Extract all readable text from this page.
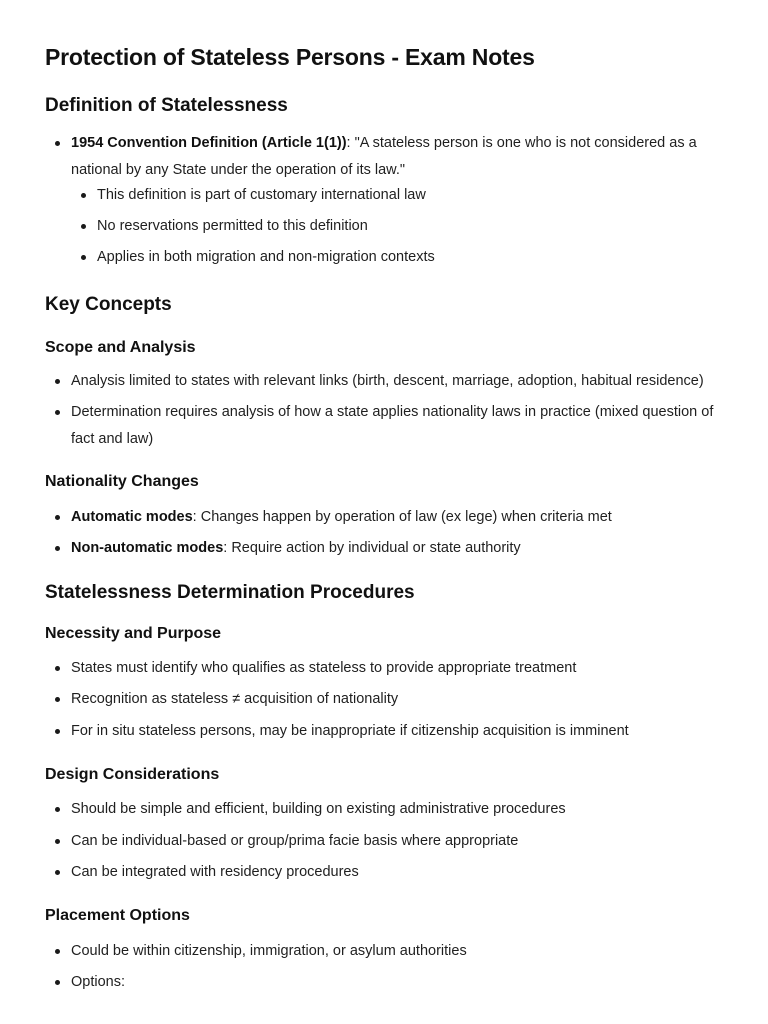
Protection of Stateless Persons - Exam Notes
Definition of Statelessness

1954 Convention Definition (Article 1(1)): "A stateless person is one who is not considered as a national by any State under the operation of its law."

This definition is part of customary international law

No reservations permitted to this definition

Applies in both migration and non-migration contexts

Key Concepts
Scope and Analysis

Analysis limited to states with relevant links (birth, descent, marriage, adoption, habitual residence)

Determination requires analysis of how a state applies nationality laws in practice (mixed question of fact and law)

Nationality Changes

Automatic modes: Changes happen by operation of law (ex lege) when criteria met

Non-automatic modes: Require action by individual or state authority

Statelessness Determination Procedures
Necessity and Purpose

States must identify who qualifies as stateless to provide appropriate treatment

Recognition as stateless ≠ acquisition of nationality

For in situ stateless persons, may be inappropriate if citizenship acquisition is imminent

Design Considerations

Should be simple and efficient, building on existing administrative procedures

Can be individual-based or group/prima facie basis where appropriate

Can be integrated with residency procedures

Placement Options

Could be within citizenship, immigration, or asylum authorities

Options:
